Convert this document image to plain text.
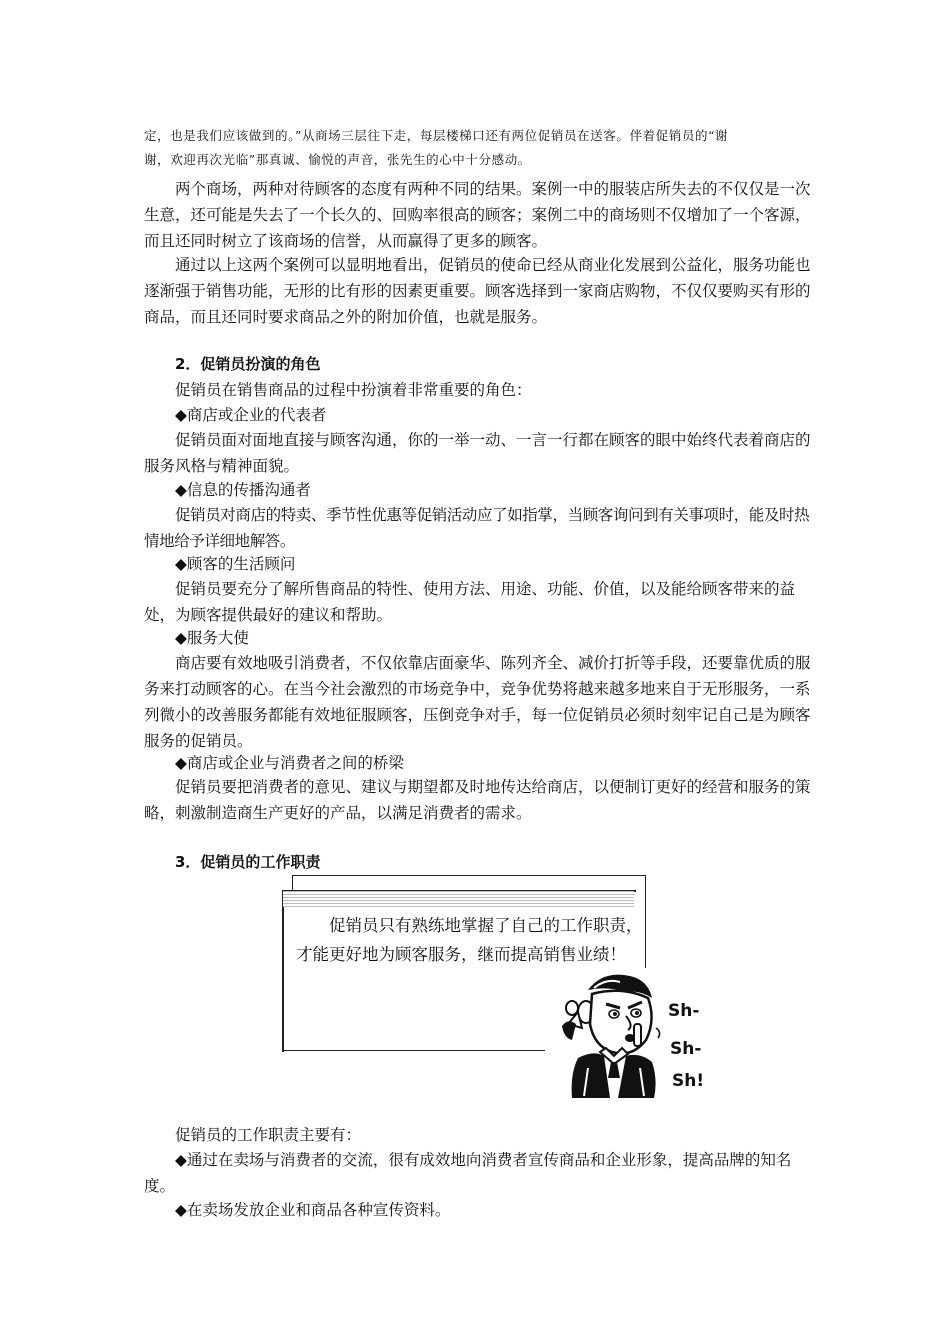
定，也是我们应该做到的。”从商场三层往下走，每层楼梯口还有两位促销员在送客。伴着促销员的“谢

谢，欢迎再次光临”那真诚、愉悦的声音，张先生的心中十分感动。

两个商场，两种对待顾客的态度有两种不同的结果。案例一中的服装店所失去的不仅仅是一次生意，还可能是失去了一个长久的、回购率很高的顾客；案例二中的商场则不仅增加了一个客源，而且还同时树立了该商场的信誉，从而赢得了更多的顾客。

通过以上这两个案例可以显明地看出，促销员的使命已经从商业化发展到公益化，服务功能也逐渐强于销售功能，无形的比有形的因素更重要。顾客选择到一家商店购物，不仅仅要购买有形的商品，而且还同时要求商品之外的附加价值，也就是服务。

2．促销员扮演的角色

促销员在销售商品的过程中扮演着非常重要的角色：

◆商店或企业的代表者

促销员面对面地直接与顾客沟通，你的一举一动、一言一行都在顾客的眼中始终代表着商店的服务风格与精神面貌。

◆信息的传播沟通者

促销员对商店的特卖、季节性优惠等促销活动应了如指掌，当顾客询问到有关事项时，能及时热情地给予详细地解答。

◆顾客的生活顾问

促销员要充分了解所售商品的特性、使用方法、用途、功能、价值，以及能给顾客带来的益处，为顾客提供最好的建议和帮助。

◆服务大使

商店要有效地吸引消费者，不仅依靠店面豪华、陈列齐全、减价打折等手段，还要靠优质的服务来打动顾客的心。在当今社会激烈的市场竞争中，竞争优势将越来越多地来自于无形服务，一系列微小的改善服务都能有效地征服顾客，压倒竞争对手，每一位促销员必须时刻牢记自己是为顾客服务的促销员。

◆商店或企业与消费者之间的桥梁

促销员要把消费者的意见、建议与期望都及时地传达给商店，以便制订更好的经营和服务的策略，刺激制造商生产更好的产品，以满足消费者的需求。

3．促销员的工作职责

促销员只有熟练地掌握了自己的工作职责，才能更好地为顾客服务，继而提高销售业绩！

Sh-
Sh-
Sh!

促销员的工作职责主要有：

◆通过在卖场与消费者的交流，很有成效地向消费者宣传商品和企业形象，提高品牌的知名度。

◆在卖场发放企业和商品各种宣传资料。
